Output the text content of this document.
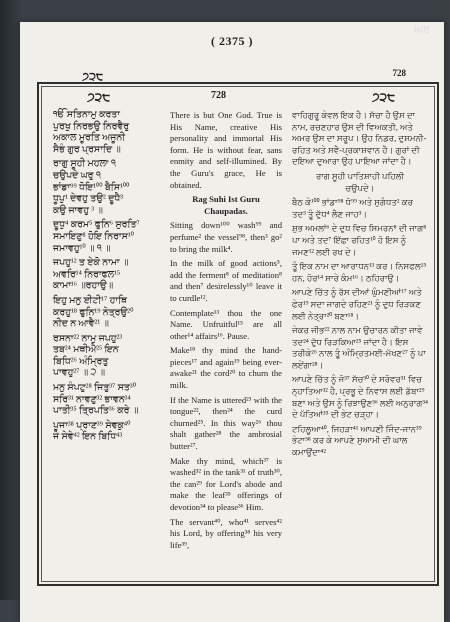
ਅਰ
( 2375 )
੭੨੮	728
੭੨੮	728	੭੨੮
ੴ ਸਤਿਨਾਮੁ ਕਰਤਾ
ਪੁਰਖੁ ਨਿਰਭਉ ਨਿਰਵੈਰੁ
ਅਕਾਲ ਮੂਰਤਿ ਅਜੂਨੀ
ਸੈਭੰ ਗੁਰ ਪ੍ਰਸਾਦਿ ॥
ਰਾਗੁ ਸੂਹੀ ਮਹਲਾ ੧
ਚਉਪਦੇ ਘਰੁ ੧
ਭਾਂਡਾ⁹⁹ ਧੋਇ¹⁰⁰ ਬੈਸਿ¹⁰⁰
ਧੂਪੁ¹ ਦੇਵਹੁ ਤਉ² ਦੂਧੈ³
ਕਉ ਜਾਵਹੁ ³ ॥
ਦੂਧੁ⁴ ਕਰਮ⁵ ਫੁਨਿ⁶ ਸੁਰਤਿ⁷
ਸਮਾਇਣੁ⁸ ਹੋਇ ਨਿਰਾਸ¹⁰
ਜਮਾਵਹੁ¹⁰ ॥ ੧ ॥
ਜਪਹੁ¹² ਤ ਏਕੋ ਨਾਮਾ ॥
ਅਵਰਿ¹⁴ ਨਿਰਾਫਲ¹⁵
ਕਾਮਾ¹⁶ ॥ਰਹਾਉ॥
ਇਹੁ ਮਨੁ ਈਟੀ¹⁷ ਹਾਥਿ
ਕਰਹੁ¹⁸ ਫੁਨਿ¹⁹ ਨੇਤ੍ਰਉ²⁰
ਨੀਦ ਨ ਆਵੈ²¹ ॥
ਰਸਨਾ²² ਨਾਮੁ ਜਪਹੁ²³
ਤਬ²⁴ ਮਥੀਐ²⁵ ਇਨ
ਬਿਧਿ²⁶ ਅੰਮ੍ਰਿਤੁ
ਪਾਵਹੁ²⁷ ॥ ੨ ॥
ਮਨੁ ਸੰਪਟੁ²⁸ ਜਿਤੁ³⁷ ਸਤ³⁰
ਸਰਿ³¹ ਨਾਵਣੁ³² ਭਾਵਨ³⁴
ਪਾਤੀ³⁵ ਤ੍ਰਿਪਤਿ³⁶ ਕਰੇ ॥
ਪੂਜਾ³⁸ ਪ੍ਰਾਣ³⁹ ਸੇਵਕੁ⁴⁰
ਜੇ ਸੇਵੇ⁴² ਇਨ ਬਿਧਿ⁴³
There is but One God. True is His Name, creative His personality and immortal His form. He is without fear, sans enmity and self-illumined. By the Guru's grace, He is obtained.
Rag Suhi Ist Guru Chaupadas.
Sitting down¹⁰⁰ wash⁹⁹ and perfume² the vessel⁹⁸, then³ go² to bring the milk⁴.
In the milk of good actions⁵, add the ferment⁸ of meditation⁸ and then⁷ desirelessly¹⁰ leave it to curdle¹².
Contemplate¹³ thou the one Name. Unfruitful¹⁵ are all other¹⁴ affairs¹⁶. Pause.
Make¹⁸ thy mind the hand-pieces¹⁷ and again¹⁹ being ever-awake²¹ the cord²⁰ to churn the milk.
If the Name is uttered²³ with the tongue²², then²⁴ the curd churned²⁵. In this way²⁶ thou shalt gather²⁸ the ambrosial butter²⁷.
Make thy mind, which³⁷ is washed³² in the tank³¹ of truth³⁰, the can²⁹ for Lord's abode and make the leaf³⁵ offerings of devotion³⁴ to please³⁶ Him.
The servant⁴⁰, who⁴¹ serves⁴² his Lord, by offering³⁸ his very life³⁹,
ਵਾਹਿਗੁਰੂ ਕੇਵਲ ਇਕ ਹੈ। ਸੱਚਾ ਹੈ ਉਸ ਦਾ ਨਾਮ, ਰਚਣਹਾਰ ਉਸ ਦੀ ਵਿਅਕਤੀ, ਅਤੇ ਅਮਰ ਉਸ ਦਾ ਸਰੂਪ। ਉਹ ਨਿਡਰ, ਦੁਸ਼ਮਨੀ-ਰਹਿਤ ਅਤੇ ਸਵੈ-ਪ੍ਰਕਾਸ਼ਵਾਨ ਹੈ। ਗੁਰਾਂ ਦੀ ਦਇਆ ਦੁਆਰਾ ਉਹ ਪਾਇਆ ਜਾਂਦਾ ਹੈ।
ਰਾਗ ਸੂਹੀ ਪਾਤਿਸ਼ਾਹੀ ਪਹਿਲੀ
ਚਉਪਦੇ।
ਬੈਠ ਕੇ¹⁰⁰ ਭਾਂਡਾ⁹⁸ ਧੋ⁹⁹ ਅਤੇ ਸੁਗੰਧਤ² ਕਰ ਤਦ³ ਤੂੰ ਦੁੱਧ⁴ ਲੈਣ ਜਾਹ³।
ਸ਼ੁਭ ਅਮਲਾਂ⁶ ਦੇ ਦੁਧ ਵਿਚ ਸਿਮਰਨ⁸ ਦੀ ਜਾਗ⁸ ਪਾ ਅਤੇ ਤਦ⁷ ਇੱਛਾ ਰਹਿਤ¹⁰ ਹੋ ਇਸ ਨੂੰ ਜਮਣ¹² ਲਈ ਰਖ ਦੇ।
ਤੂੰ ਇਕ ਨਾਮ ਦਾ ਆਰਾਧਨ¹³ ਕਰ। ਨਿਸਫਲ¹⁵ ਹਨ, ਹੋਰ¹⁴ ਸਾਰੇ ਕੰਮ¹⁶। ਠਹਿਰਾਉ।
ਆਪਣੇ ਚਿੱਤ ਨੂੰ ਰੱਸ ਦੀਆਂ ਘੁੰਮਣੀਆਂ¹⁷ ਅਤੇ ਫੇਰ¹⁹ ਸਦਾ ਜਾਗਦੇ ਰਹਿਣ²¹ ਨੂੰ ਦੁਧ ਰਿੜਕਣ ਲਈ ਨੇਤ੍ਰਾ²⁰ ਬਣਾ¹⁸।
ਜੇਕਰ ਜੀਭ²² ਨਾਲ ਨਾਮ ਉਚਾਰਨ ਕੀਤਾ ਜਾਵੇ ਤਦ²⁴ ਦੁੱਧ ਰਿੜਕਿਆ²⁵ ਜਾਂਦਾ ਹੈ। ਇਸ ਤਰੀਕੇ²⁶ ਨਾਲ ਤੂੰ ਅੰਮ੍ਰਿਤਮਈ-ਮੱਖਣ²⁷ ਨੂੰ ਪਾ ਲਏਂਗਾ²⁸।
ਆਪਣੇ ਚਿੱਤ ਨੂੰ ਜੋ³⁷ ਸੱਚ³⁰ ਦੇ ਸਰੋਵਰ³¹ ਵਿਚ ਨ੍ਹਾਤਿਆ³² ਹੈ, ਪ੍ਰਭੂ ਦੇ ਨਿਵਾਸ ਲਈ ਡੱਬਾ²⁹ ਬਣਾ ਅਤੇ ਉਸ ਨੂੰ ਰਿਝਾਉਣ³⁶ ਲਈ ਅਨੁਰਾਗ³⁴ ਦੇ ਪੱਤਿਆਂ³⁵ ਦੀ ਭੇਟ ਚੜ੍ਹਾ।
ਟਹਿਲੂਆ⁴⁰, ਜਿਹੜਾ⁴¹ ਆਪਣੀ ਜਿੰਦ-ਜਾਨ³⁹ ਭੇਟਾ³⁸ ਕਰ ਕੇ ਆਪਣੇ ਸੁਆਮੀ ਦੀ ਘਾਲ ਕਮਾਉਂਦਾ⁴²
